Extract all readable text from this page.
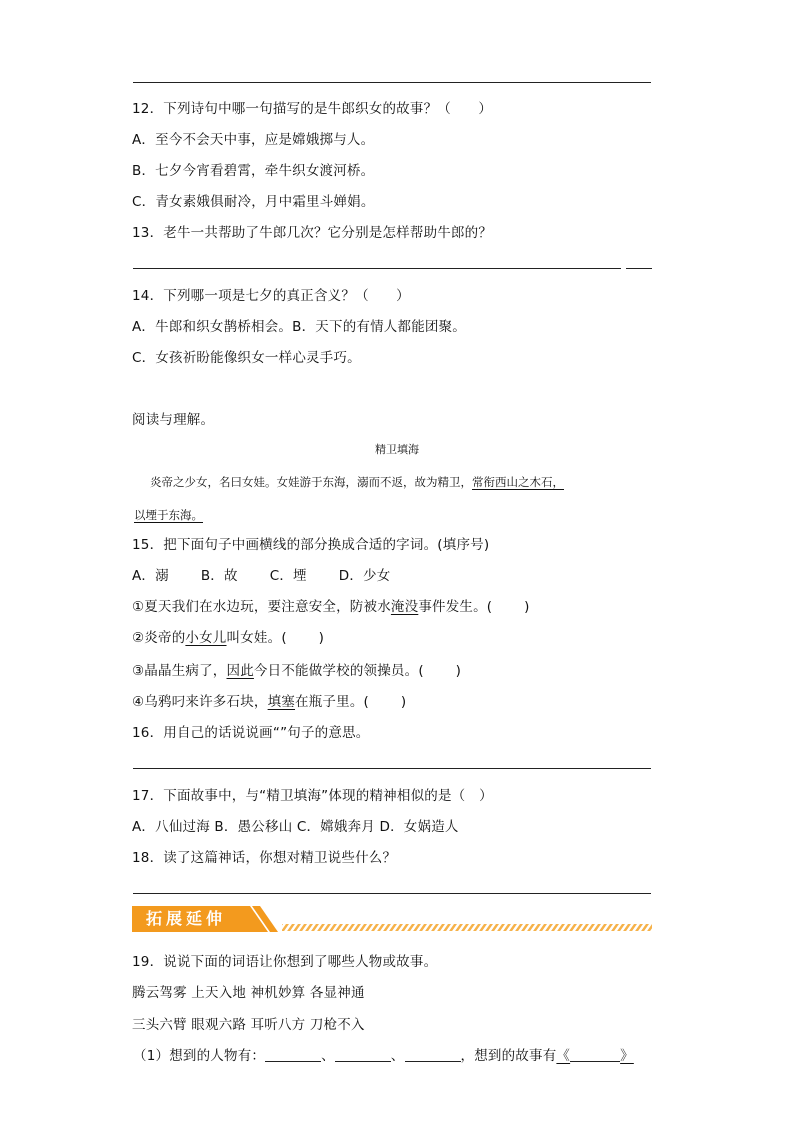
12．下列诗句中哪一句描写的是牛郎织女的故事？（　　）
A．至今不会天中事，应是嫦娥掷与人。
B．七夕今宵看碧霄，牵牛织女渡河桥。
C．青女素娥俱耐冷，月中霜里斗婵娟。
13．老牛一共帮助了牛郎几次？它分别是怎样帮助牛郎的？
14．下列哪一项是七夕的真正含义？（　　）
A．牛郎和织女鹊桥相会。B．天下的有情人都能团聚。
C．女孩祈盼能像织女一样心灵手巧。
阅读与理解。
精卫填海
炎帝之少女，名曰女娃。女娃游于东海，溺而不返，故为精卫，常衔西山之木石，
以堙于东海。
15．把下面句子中画横线的部分换成合适的字词。(填序号)
A．溺 B．故 C．堙 D．少女
①夏天我们在水边玩，要注意安全，防被水淹没事件发生。(　　 )
②炎帝的小女儿叫女娃。(　　 )
③晶晶生病了，因此今日不能做学校的领操员。(　　 )
④乌鸦叼来许多石块，填塞在瓶子里。(　　 )
16．用自己的话说说画“”句子的意思。
17．下面故事中，与“精卫填海”体现的精神相似的是（　）
A．八仙过海 B．愚公移山 C．嫦娥奔月 D．女娲造人
18．读了这篇神话，你想对精卫说些什么？
拓展延伸
19．说说下面的词语让你想到了哪些人物或故事。
腾云驾雾 上天入地 神机妙算 各显神通
三头六臂 眼观六路 耳听八方 刀枪不入
（1）想到的人物有：	、	、	，想到的故事有《	》
